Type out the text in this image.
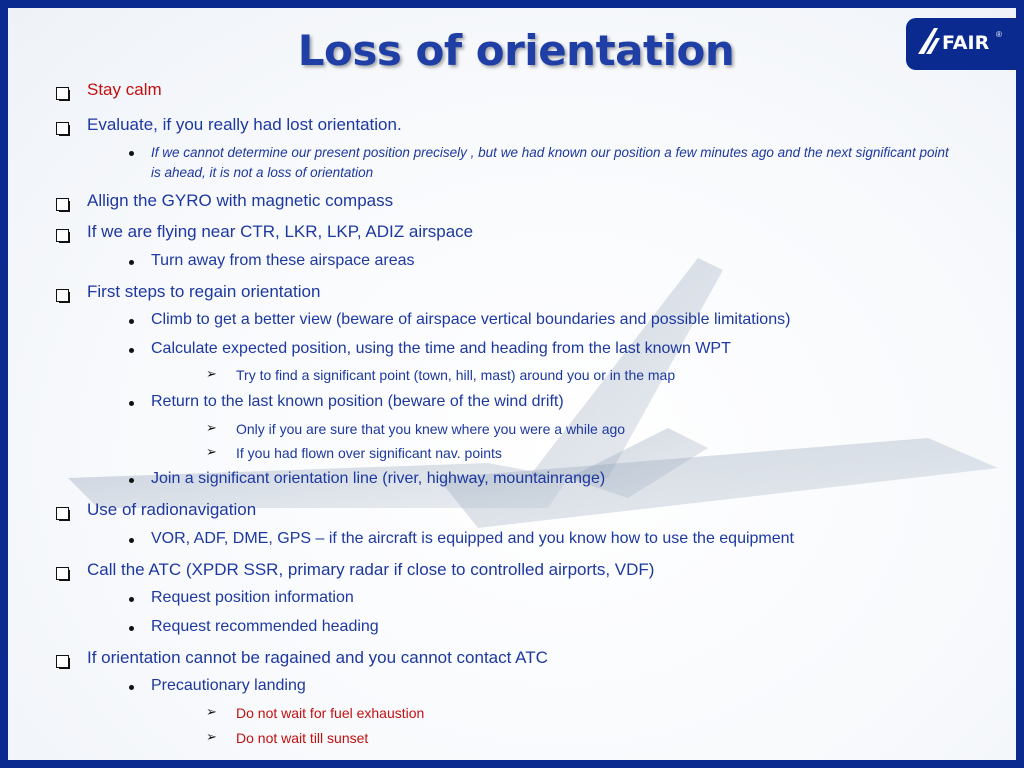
Loss of orientation	FAIR ®
Stay calm
Evaluate, if you really had lost orientation.
If we cannot determine our present position precisely , but we had known our position a few minutes ago and the next significant point is ahead, it is not a loss of orientation
Allign the GYRO with magnetic compass
If we are flying near CTR, LKR, LKP, ADIZ airspace
Turn away from these airspace areas
First steps to regain orientation
Climb to get a better view (beware of airspace vertical boundaries and possible limitations)
Calculate expected position, using the time and heading from the last known WPT
➢ Try to find a significant point (town, hill, mast) around you or in the map
Return to the last known position (beware of the wind drift)
➢ Only if you are sure that you knew where you were a while ago
➢ If you had flown over significant nav. points
Join a significant orientation line (river, highway, mountainrange)
Use of radionavigation
VOR, ADF, DME, GPS – if the aircraft is equipped and you know how to use the equipment
Call the ATC (XPDR SSR, primary radar if close to controlled airports, VDF)
Request position information
Request recommended heading
If orientation cannot be ragained and you cannot contact ATC
Precautionary landing
➢ Do not wait for fuel exhaustion
➢ Do not wait till sunset
